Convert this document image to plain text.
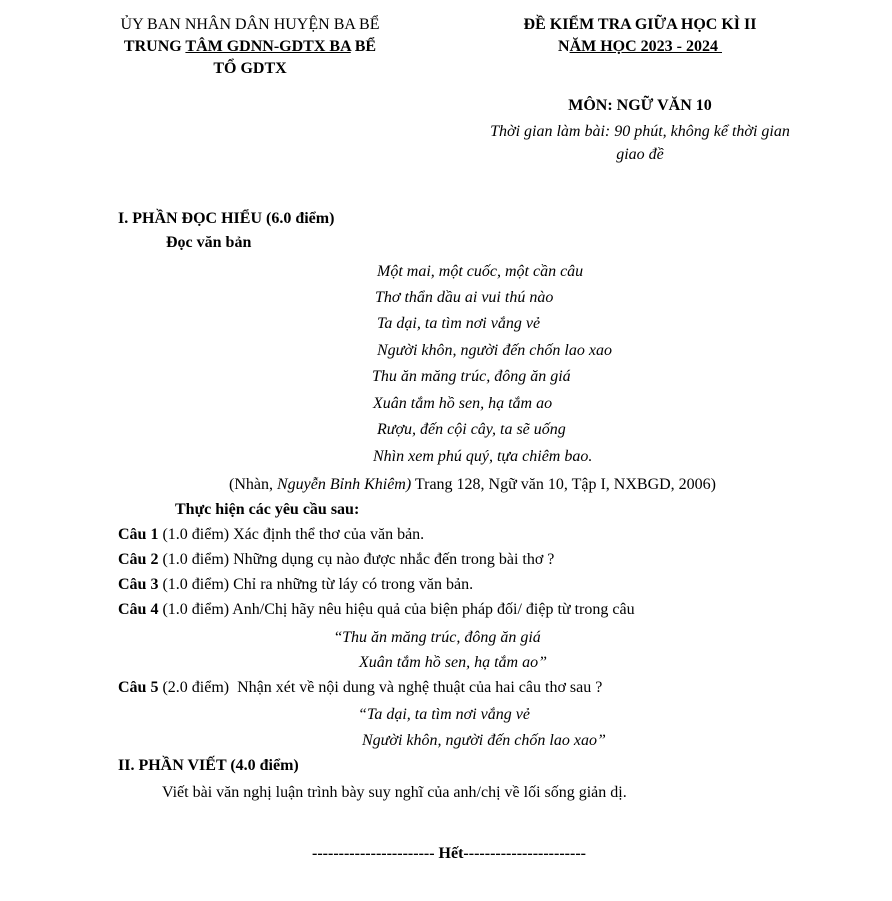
ỦY BAN NHÂN DÂN HUYỆN BA BỂ
TRUNG TÂM GDNN-GDTX BA BỂ
TỔ GDTX
ĐỀ KIỂM TRA GIỮA HỌC KÌ II
NĂM HỌC 2023 - 2024
MÔN: NGỮ VĂN 10
Thời gian làm bài: 90 phút, không kể thời gian
giao đề
I. PHẦN ĐỌC HIỂU (6.0 điểm)
Đọc văn bản
Một mai, một cuốc, một cần câu
Thơ thẩn dầu ai vui thú nào
Ta dại, ta tìm nơi vắng vẻ
Người khôn, người đến chốn lao xao
Thu ăn măng trúc, đông ăn giá
Xuân tắm hồ sen, hạ tắm ao
Rượu, đến cội cây, ta sẽ uống
Nhìn xem phú quý, tựa chiêm bao.
(Nhàn, Nguyễn Bỉnh Khiêm) Trang 128, Ngữ văn 10, Tập I, NXBGD, 2006)
Thực hiện các yêu cầu sau:
Câu 1 (1.0 điểm) Xác định thể thơ của văn bản.
Câu 2 (1.0 điểm) Những dụng cụ nào được nhắc đến trong bài thơ ?
Câu 3 (1.0 điểm) Chỉ ra những từ láy có trong văn bản.
Câu 4 (1.0 điểm) Anh/Chị hãy nêu hiệu quả của biện pháp đối/ điệp từ trong câu
“Thu ăn măng trúc, đông ăn giá
Xuân tắm hồ sen, hạ tắm ao”
Câu 5 (2.0 điểm)  Nhận xét về nội dung và nghệ thuật của hai câu thơ sau ?
“Ta dại, ta tìm nơi vắng vẻ
Người khôn, người đến chốn lao xao”
II. PHẦN VIẾT (4.0 điểm)
Viết bài văn nghị luận trình bày suy nghĩ của anh/chị về lối sống giản dị.
----------------------- Hết-----------------------
